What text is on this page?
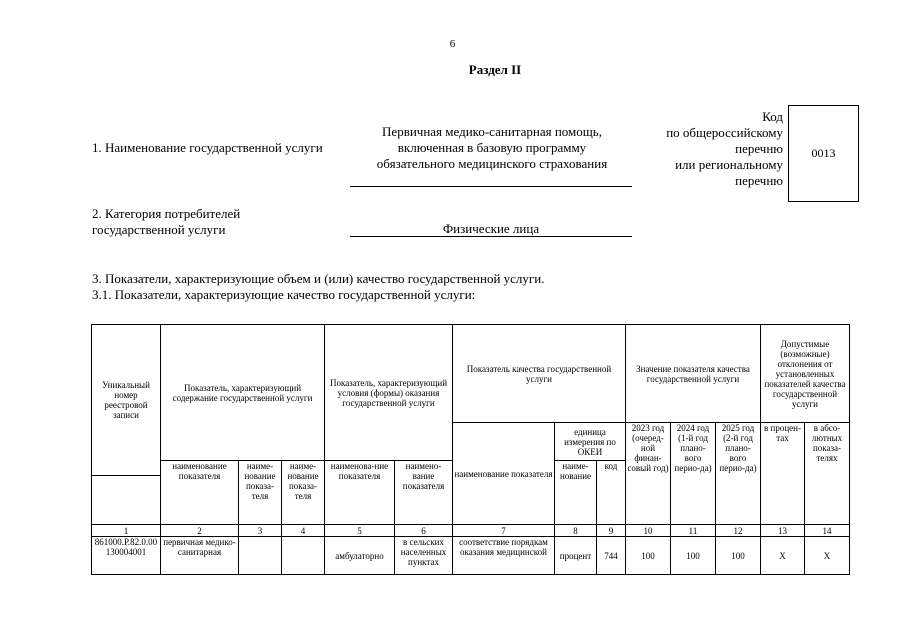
6
Раздел II
1. Наименование государственной услуги
Первичная медико-санитарная помощь,
включенная в базовую программу
обязательного медицинского страхования
Код
по общероссийскому
перечню
или региональному
перечню
0013
2. Категория потребителей
государственной услуги	Физические лица
3. Показатели, характеризующие объем и (или) качество государственной услуги.
3.1. Показатели, характеризующие качество государственной услуги:
Уникальный номер реестровой записи	Показатель, характеризующий содержание государственной услуги			Показатель, характеризующий условия (формы) оказания государственной услуги		Показатель качества государственной услуги			Значение показателя качества государственной услуги			Допустимые (возможные) отклонения от установленных показателей качества государственной услуги	
						наименование показателя	единица измерения по ОКЕИ		2023 год (очеред-ной финан-совый год)	2024 год (1-й год плано-вого перио-да)	2025 год (2-й год плано-вого перио-да)	в процен-тах	в абсо-лютных показа-телях
	наименование показателя	наиме-нование показа-теля	наиме-нование показа-теля	наименова-ние показателя	наимено-вание показателя		наиме-нование	код					

1	2	3	4	5	6	7	8	9	10	11	12	13	14
861000.Р.82.0.00130004001	первичная медико-санитарная			амбулаторно	в сельских населенных пунктах	соответствие порядкам оказания медицинской	процент	744	100	100	100	Х	Х
